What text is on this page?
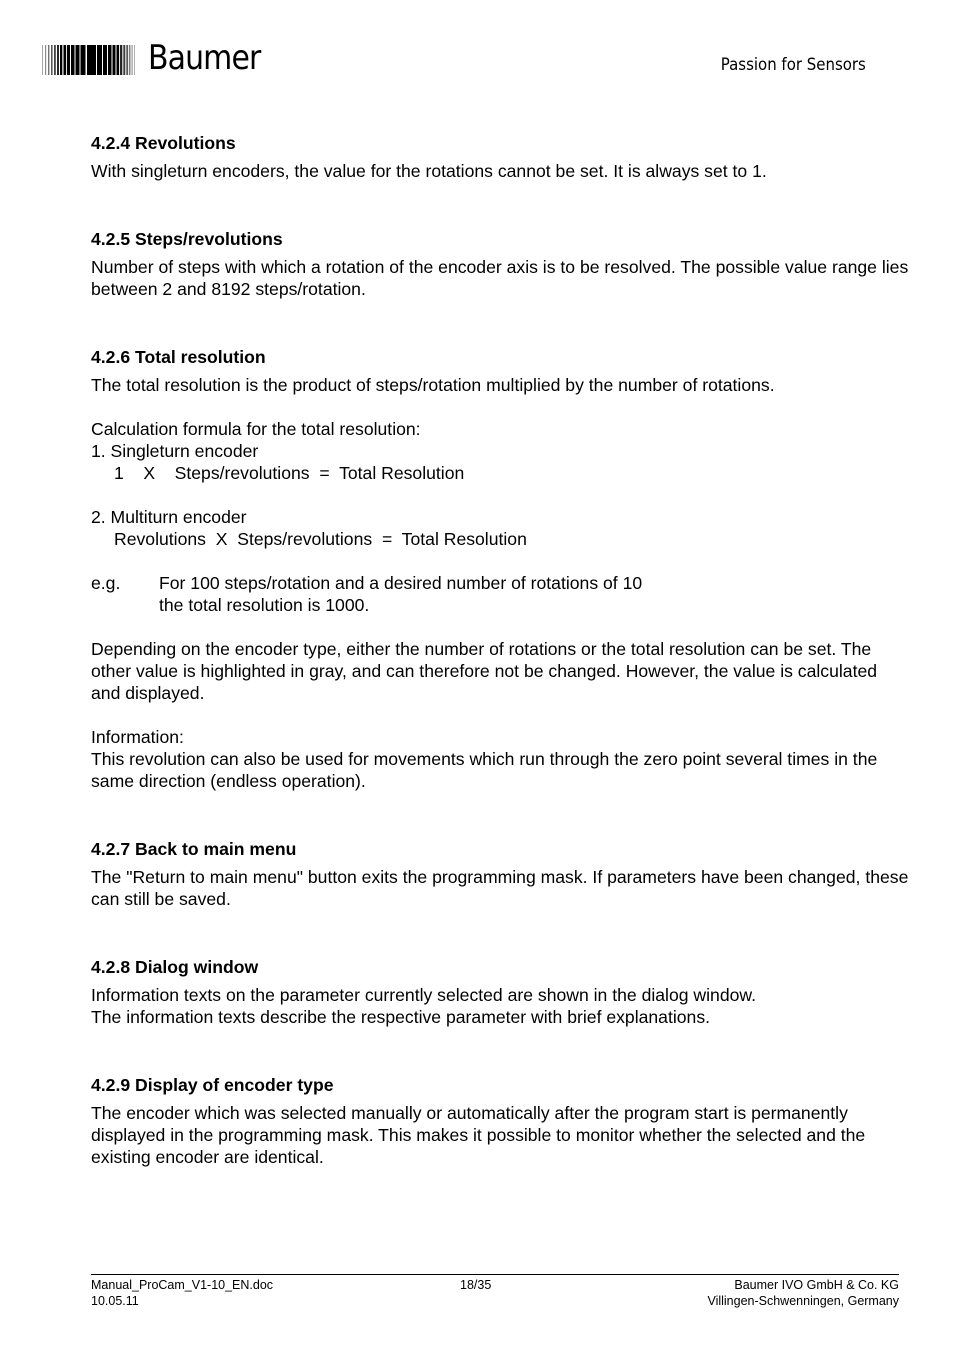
Baumer	Passion for Sensors

4.2.4 Revolutions

With singleturn encoders, the value for the rotations cannot be set. It is always set to 1.

4.2.5 Steps/revolutions

Number of steps with which a rotation of the encoder axis is to be resolved. The possible value range lies between 2 and 8192 steps/rotation.

4.2.6 Total resolution

The total resolution is the product of steps/rotation multiplied by the number of rotations.

Calculation formula for the total resolution:

1. Singleturn encoder

1    X    Steps/revolutions  =  Total Resolution

2. Multiturn encoder

Revolutions  X  Steps/revolutions  =  Total Resolution

e.g.	For 100 steps/rotation and a desired number of rotations of 10

the total resolution is 1000.

Depending on the encoder type, either the number of rotations or the total resolution can be set. The other value is highlighted in gray, and can therefore not be changed. However, the value is calculated and displayed.

Information:

This revolution can also be used for movements which run through the zero point several times in the same direction (endless operation).

4.2.7 Back to main menu

The "Return to main menu" button exits the programming mask. If parameters have been changed, these can still be saved.

4.2.8 Dialog window

Information texts on the parameter currently selected are shown in the dialog window.

The information texts describe the respective parameter with brief explanations.

4.2.9 Display of encoder type

The encoder which was selected manually or automatically after the program start is permanently displayed in the programming mask. This makes it possible to monitor whether the selected and the existing encoder are identical.

Manual_ProCam_V1-10_EN.doc
10.05.11
18/35	Baumer IVO GmbH & Co. KG
Villingen-Schwenningen, Germany
